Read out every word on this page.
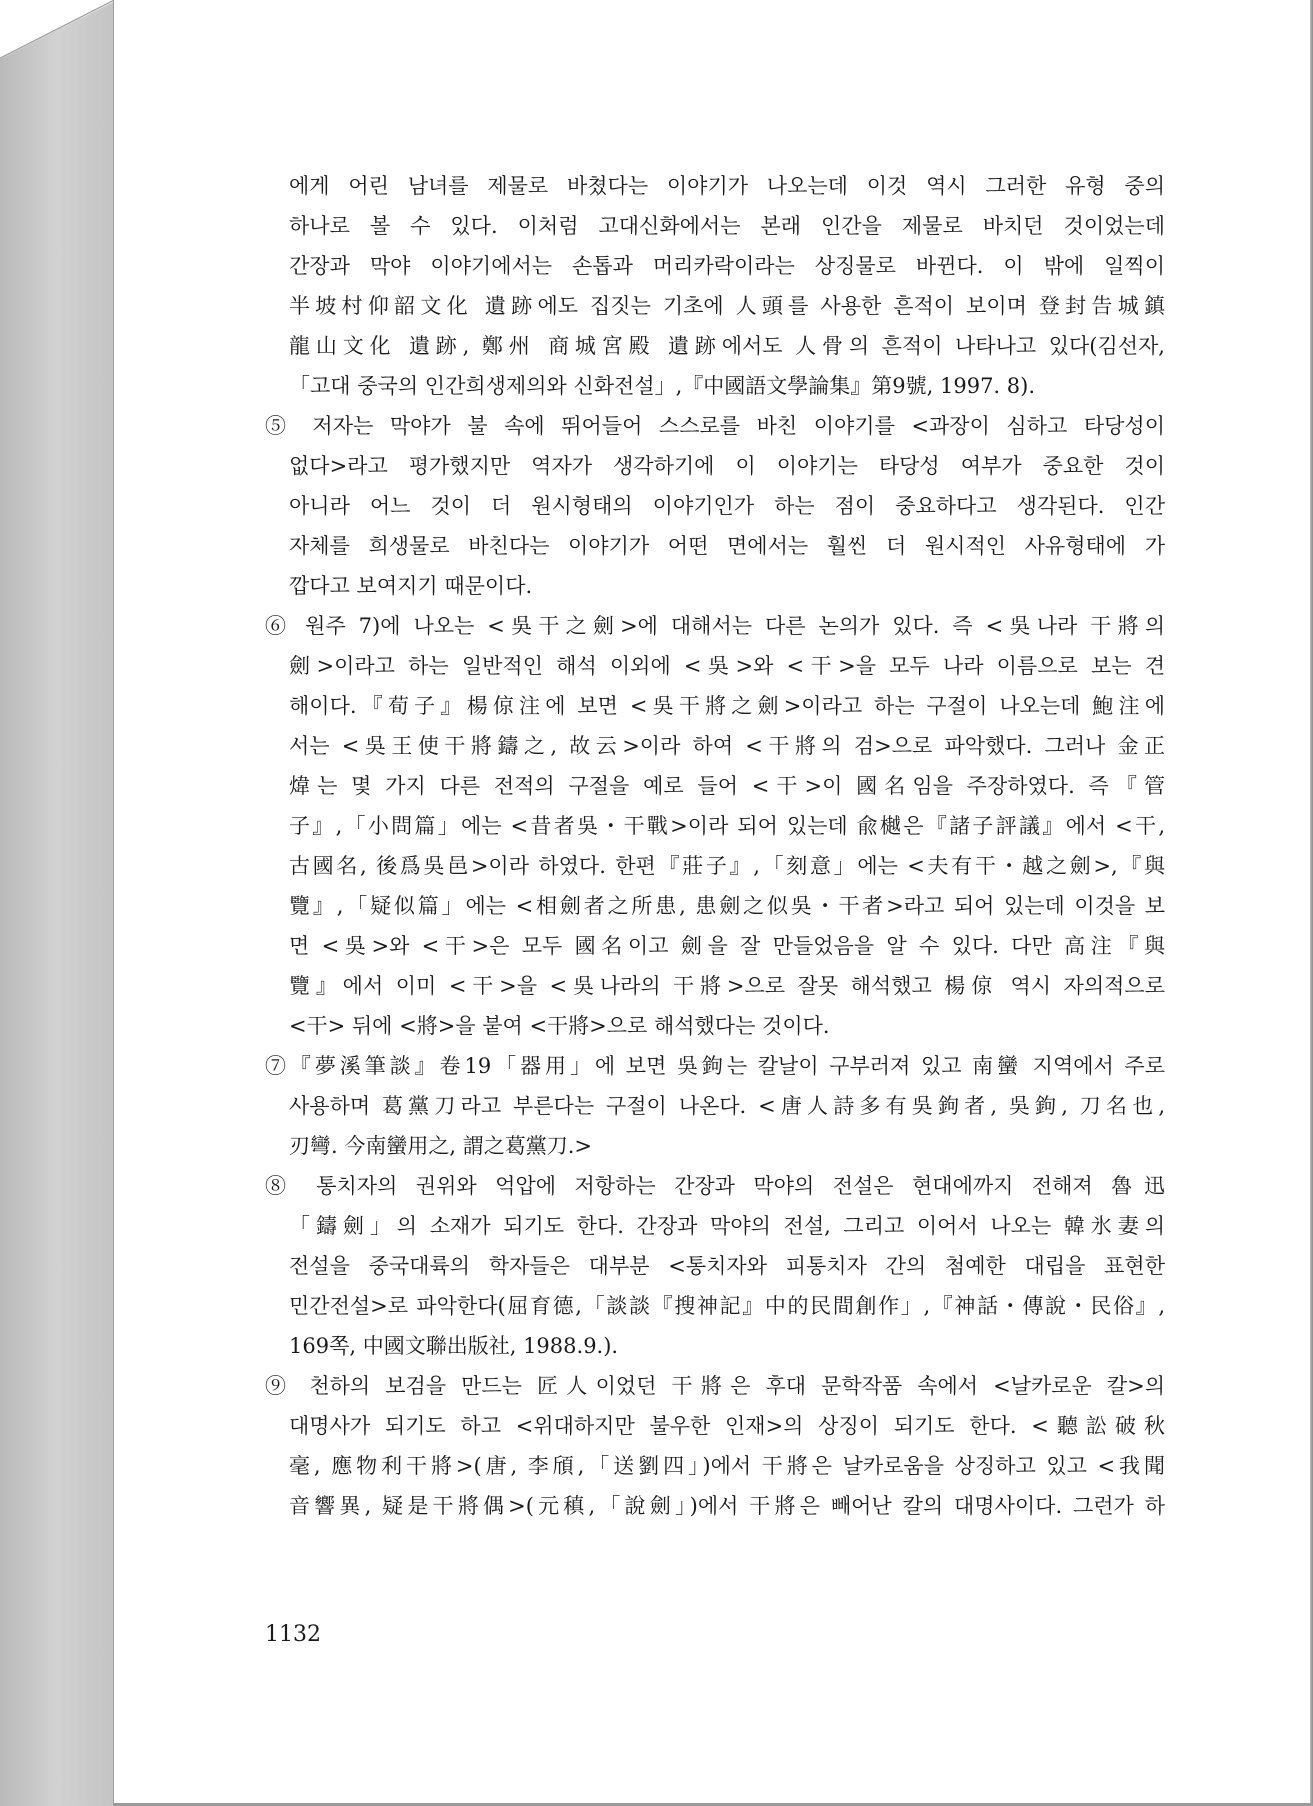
에게 어린 남녀를 제물로 바쳤다는 이야기가 나오는데 이것 역시 그러한 유형 중의
하나로 볼 수 있다. 이처럼 고대신화에서는 본래 인간을 제물로 바치던 것이었는데
간장과 막야 이야기에서는 손톱과 머리카락이라는 상징물로 바뀐다. 이 밖에 일찍이
半坡村仰韶文化 遺跡에도 집짓는 기초에 人頭를 사용한 흔적이 보이며 登封告城鎮
龍山文化 遺跡, 鄭州 商城宮殿 遺跡에서도 人骨의 흔적이 나타나고 있다(김선자,
「고대 중국의 인간희생제의와 신화전설」,『中國語文學論集』第9號, 1997. 8).
⑤ 저자는 막야가 불 속에 뛰어들어 스스로를 바친 이야기를 <과장이 심하고 타당성이
없다>라고 평가했지만 역자가 생각하기에 이 이야기는 타당성 여부가 중요한 것이
아니라 어느 것이 더 원시형태의 이야기인가 하는 점이 중요하다고 생각된다. 인간
자체를 희생물로 바친다는 이야기가 어떤 면에서는 훨씬 더 원시적인 사유형태에 가
깝다고 보여지기 때문이다.
⑥ 원주 7)에 나오는 <吳干之劍>에 대해서는 다른 논의가 있다. 즉 <吳나라 干將의
劍>이라고 하는 일반적인 해석 이외에 <吳>와 <干>을 모두 나라 이름으로 보는 견
해이다.『荀子』楊倞注에 보면 <吳干將之劍>이라고 하는 구절이 나오는데 鮑注에
서는 <吳王使干將鑄之, 故云>이라 하여 <干將의 검>으로 파악했다. 그러나 金正
煒는 몇 가지 다른 전적의 구절을 예로 들어 <干>이 國名임을 주장하였다. 즉『管
子』,「小問篇」에는 <昔者吳・干戰>이라 되어 있는데 兪樾은『諸子評議』에서 <干,
古國名, 後爲吳邑>이라 하였다. 한편『莊子』,「刻意」에는 <夫有干・越之劍>,『與
覽』,「疑似篇」에는 <相劍者之所患, 患劍之似吳・干者>라고 되어 있는데 이것을 보
면 <吳>와 <干>은 모두 國名이고 劍을 잘 만들었음을 알 수 있다. 다만 高注『與
覽』에서 이미 <干>을 <吳나라의 干將>으로 잘못 해석했고 楊倞 역시 자의적으로
<干> 뒤에 <將>을 붙여 <干將>으로 해석했다는 것이다.
⑦『夢溪筆談』卷19「器用」에 보면 吳鉤는 칼날이 구부러져 있고 南蠻 지역에서 주로
사용하며 葛黨刀라고 부른다는 구절이 나온다. <唐人詩多有吳鉤者, 吳鉤, 刀名也,
刃彎. 今南蠻用之, 謂之葛黨刀.>
⑧ 통치자의 권위와 억압에 저항하는 간장과 막야의 전설은 현대에까지 전해져 魯迅
「鑄劍」의 소재가 되기도 한다. 간장과 막야의 전설, 그리고 이어서 나오는 韓氷妻의
전설을 중국대륙의 학자들은 대부분 <통치자와 피통치자 간의 첨예한 대립을 표현한
민간전설>로 파악한다(屈育德,「談談『搜神記』中的民間創作」,『神話・傳說・民俗』,
169쪽, 中國文聯出版社, 1988.9.).
⑨ 천하의 보검을 만드는 匠人이었던 干將은 후대 문학작품 속에서 <날카로운 칼>의
대명사가 되기도 하고 <위대하지만 불우한 인재>의 상징이 되기도 한다. <聽訟破秋
毫, 應物利干將>(唐, 李頎,「送劉四」)에서 干將은 날카로움을 상징하고 있고 <我聞
音響異, 疑是干將偶>(元稹,「說劍」)에서 干將은 빼어난 칼의 대명사이다. 그런가 하
1132
